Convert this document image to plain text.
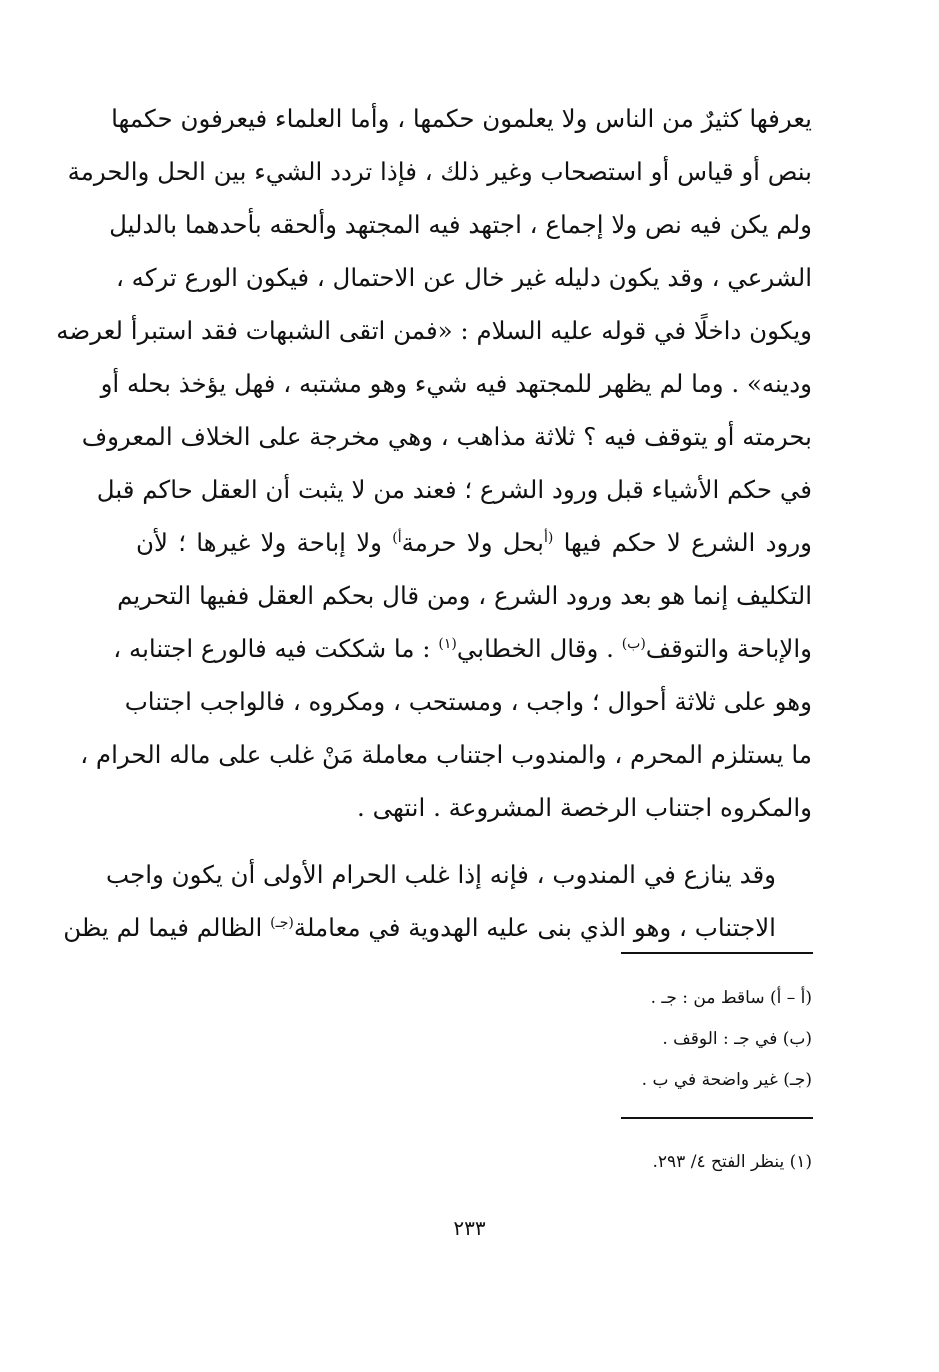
يعرفها كثيرٌ من الناس ولا يعلمون حكمها ، وأما العلماء فيعرفون حكمها
بنص أو قياس أو استصحاب وغير ذلك ، فإذا تردد الشيء بين الحل والحرمة
ولم يكن فيه نص ولا إجماع ، اجتهد فيه المجتهد وألحقه بأحدهما بالدليل
الشرعي ، وقد يكون دليله غير خال عن الاحتمال ، فيكون الورع تركه ،
ويكون داخلًا في قوله عليه السلام : «فمن اتقى الشبهات فقد استبرأ لعرضه
ودينه» . وما لم يظهر للمجتهد فيه شيء وهو مشتبه ، فهل يؤخذ بحله أو
بحرمته أو يتوقف فيه ؟ ثلاثة مذاهب ، وهي مخرجة على الخلاف المعروف
في حكم الأشياء قبل ورود الشرع ؛ فعند من لا يثبت أن العقل حاكم قبل
ورود الشرع لا حكم فيها $^{(أ}$بحل ولا حرمة$^{أ)}$ ولا إباحة ولا غيرها ؛ لأن
التكليف إنما هو بعد ورود الشرع ، ومن قال بحكم العقل ففيها التحريم
والإباحة والتوقف$^{(ب)}$ . وقال الخطابي$^{(١)}$ : ما شككت فيه فالورع اجتنابه ،
وهو على ثلاثة أحوال ؛ واجب ، ومستحب ، ومكروه ، فالواجب اجتناب
ما يستلزم المحرم ، والمندوب اجتناب معاملة مَنْ غلب على ماله الحرام ،
والمكروه اجتناب الرخصة المشروعة . انتهى .
وقد ينازع في المندوب ، فإنه إذا غلب الحرام الأولى أن يكون واجب
الاجتناب ، وهو الذي بنى عليه الهدوية في معاملة$^{(جـ)}$ الظالم فيما لم يظن
(أ – أ) ساقط من : جـ .
(ب) في جـ : الوقف .
(جـ) غير واضحة في ب .
(١) ينظر الفتح ٤/ ٢٩٣.
٢٣٣
